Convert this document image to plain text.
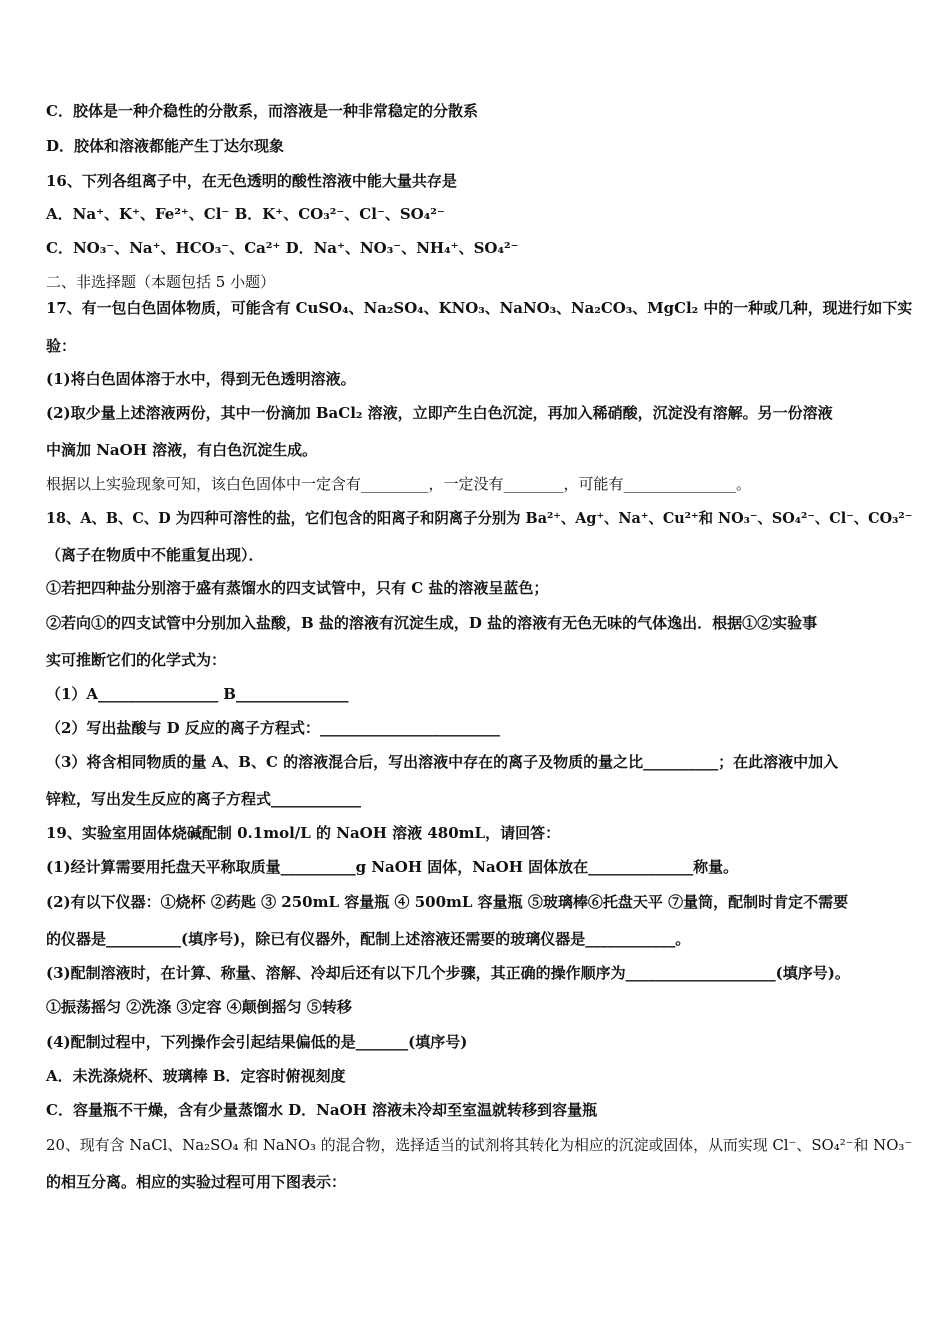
C．胶体是一种介稳性的分散系，而溶液是一种非常稳定的分散系
D．胶体和溶液都能产生丁达尔现象
16、下列各组离子中，在无色透明的酸性溶液中能大量共存是
A．Na⁺、K⁺、Fe²⁺、Cl⁻ B．K⁺、CO₃²⁻、Cl⁻、SO₄²⁻
C．NO₃⁻、Na⁺、HCO₃⁻、Ca²⁺ D．Na⁺、NO₃⁻、NH₄⁺、SO₄²⁻
二、非选择题（本题包括 5 小题）
17、有一包白色固体物质，可能含有 CuSO₄、Na₂SO₄、KNO₃、NaNO₃、Na₂CO₃、MgCl₂ 中的一种或几种，现进行如下实
验：
(1)将白色固体溶于水中，得到无色透明溶液。
(2)取少量上述溶液两份，其中一份滴加 BaCl₂ 溶液，立即产生白色沉淀，再加入稀硝酸，沉淀没有溶解。另一份溶液
中滴加 NaOH 溶液，有白色沉淀生成。
根据以上实验现象可知，该白色固体中一定含有_________，一定没有________，可能有_______________。
18、A、B、C、D 为四种可溶性的盐，它们包含的阳离子和阴离子分别为 Ba²⁺、Ag⁺、Na⁺、Cu²⁺和 NO₃⁻、SO₄²⁻、Cl⁻、CO₃²⁻
（离子在物质中不能重复出现）．
①若把四种盐分别溶于盛有蒸馏水的四支试管中，只有 C 盐的溶液呈蓝色；
②若向①的四支试管中分别加入盐酸，B 盐的溶液有沉淀生成，D 盐的溶液有无色无味的气体逸出．根据①②实验事
实可推断它们的化学式为：
（1）A________________ B_______________
（2）写出盐酸与 D 反应的离子方程式：________________________
（3）将含相同物质的量 A、B、C 的溶液混合后，写出溶液中存在的离子及物质的量之比__________；在此溶液中加入
锌粒，写出发生反应的离子方程式____________
19、实验室用固体烧碱配制 0.1mol/L 的 NaOH 溶液 480mL，请回答：
(1)经计算需要用托盘天平称取质量__________g NaOH 固体，NaOH 固体放在______________称量。
(2)有以下仪器：①烧杯 ②药匙 ③ 250mL 容量瓶 ④ 500mL 容量瓶 ⑤玻璃棒⑥托盘天平 ⑦量筒，配制时肯定不需要
的仪器是__________(填序号)，除已有仪器外，配制上述溶液还需要的玻璃仪器是____________。
(3)配制溶液时，在计算、称量、溶解、冷却后还有以下几个步骤，其正确的操作顺序为____________________(填序号)。
①振荡摇匀 ②洗涤 ③定容 ④颠倒摇匀 ⑤转移
(4)配制过程中，下列操作会引起结果偏低的是_______(填序号)
A．未洗涤烧杯、玻璃棒 B．定容时俯视刻度
C．容量瓶不干燥，含有少量蒸馏水 D．NaOH 溶液未冷却至室温就转移到容量瓶
20、现有含 NaCl、Na₂SO₄ 和 NaNO₃ 的混合物，选择适当的试剂将其转化为相应的沉淀或固体，从而实现 Cl⁻、SO₄²⁻和 NO₃⁻
的相互分离。相应的实验过程可用下图表示：
